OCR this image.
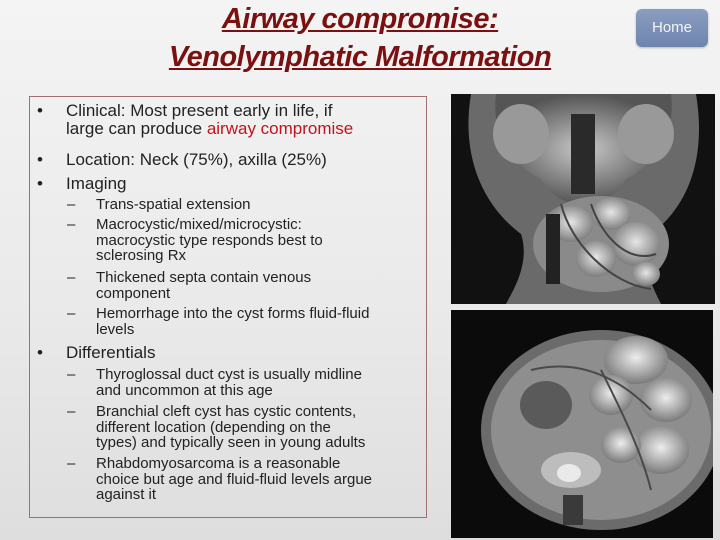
Airway compromise:
Venolymphatic Malformation
Home
• Clinical: Most present early in life, if
large can produce airway compromise
•	Location: Neck (75%), axilla (25%)
•	Imaging
•	Differentials
– Trans-spatial extension
– Macrocystic/mixed/microcystic:
macrocystic type responds best to
sclerosing Rx
– Thickened septa contain venous
component
– Hemorrhage into the cyst forms fluid-fluid
levels
– Thyroglossal duct cyst is usually midline
and uncommon at this age
– Branchial cleft cyst has cystic contents,
different location (depending on the
types) and typically seen in young adults
– Rhabdomyosarcoma is a reasonable
choice but age and fluid-fluid levels argue
against it
